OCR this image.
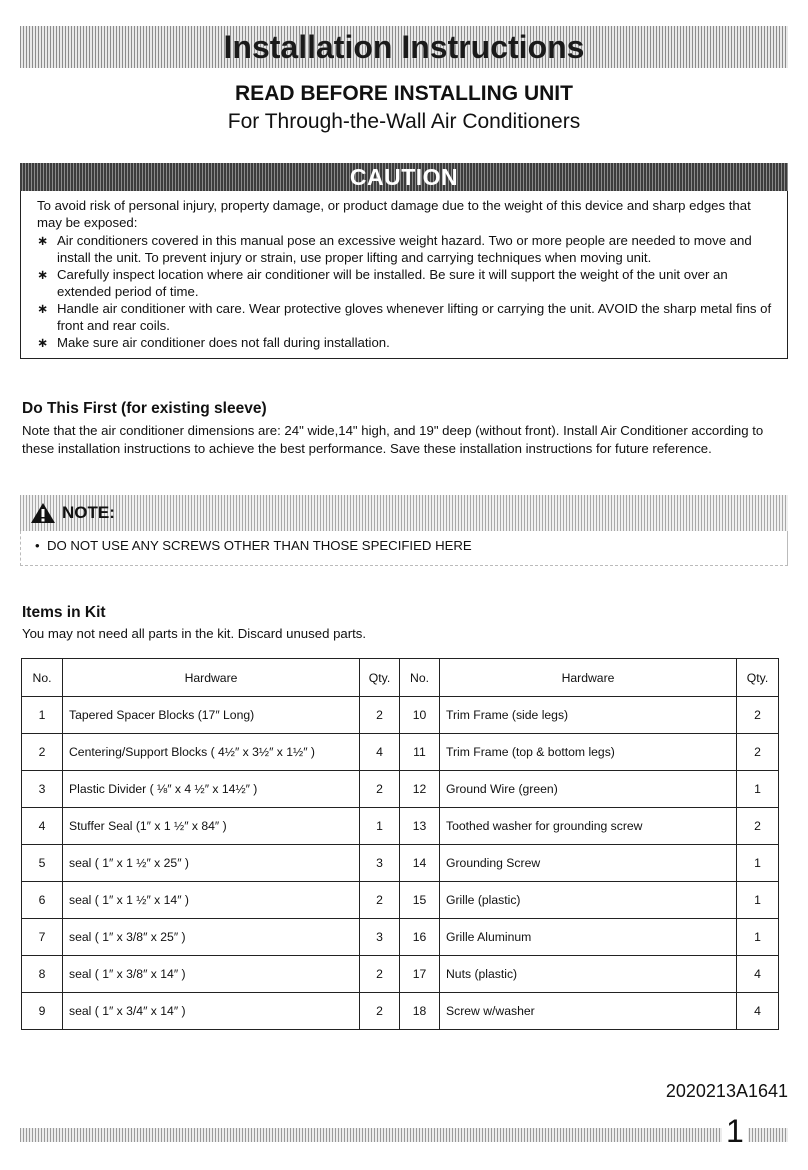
Installation Instructions
READ BEFORE INSTALLING UNIT
For Through-the-Wall Air Conditioners
CAUTION
To avoid risk of personal injury, property damage, or product damage due to the weight of this device and sharp edges that may be exposed:
∗ Air conditioners covered in this manual pose an excessive weight hazard. Two or more people are needed to move and install the unit. To prevent injury or strain, use proper lifting and carrying techniques when moving unit.
∗ Carefully inspect location where air conditioner will be installed. Be sure it will support the weight of the unit over an extended period of time.
∗ Handle air conditioner with care. Wear protective gloves whenever lifting or carrying the unit. AVOID the sharp metal fins of front and rear coils.
∗ Make sure air conditioner does not fall during installation.
Do This First (for existing sleeve)
Note that the air conditioner dimensions are: 24" wide,14" high, and 19" deep (without front). Install Air Conditioner according to these installation instructions to achieve the best performance. Save these installation instructions for future reference.
NOTE:
• DO NOT USE ANY SCREWS OTHER THAN THOSE SPECIFIED HERE
Items in Kit
You may not need all parts in the kit. Discard unused parts.
No.	Hardware	Qty.	No.	Hardware	Qty.
1	Tapered Spacer Blocks (17″ Long)	2	10	Trim Frame (side legs)	2
2	Centering/Support Blocks ( 4½″ x 3½″ x 1½″ )	4	11	Trim Frame (top & bottom legs)	2
3	Plastic Divider ( ⅛″ x 4 ½″ x 14½″ )	2	12	Ground Wire (green)	1
4	Stuffer Seal (1″ x 1 ½″ x 84″ )	1	13	Toothed washer for grounding screw	2
5	seal ( 1″ x 1 ½″ x 25″ )	3	14	Grounding Screw	1
6	seal ( 1″ x 1 ½″ x 14″ )	2	15	Grille (plastic)	1
7	seal ( 1″ x 3/8″ x 25″ )	3	16	Grille Aluminum	1
8	seal ( 1″ x 3/8″ x 14″ )	2	17	Nuts (plastic)	4
9	seal ( 1″ x 3/4″ x 14″ )	2	18	Screw w/washer	4
2020213A1641
1
